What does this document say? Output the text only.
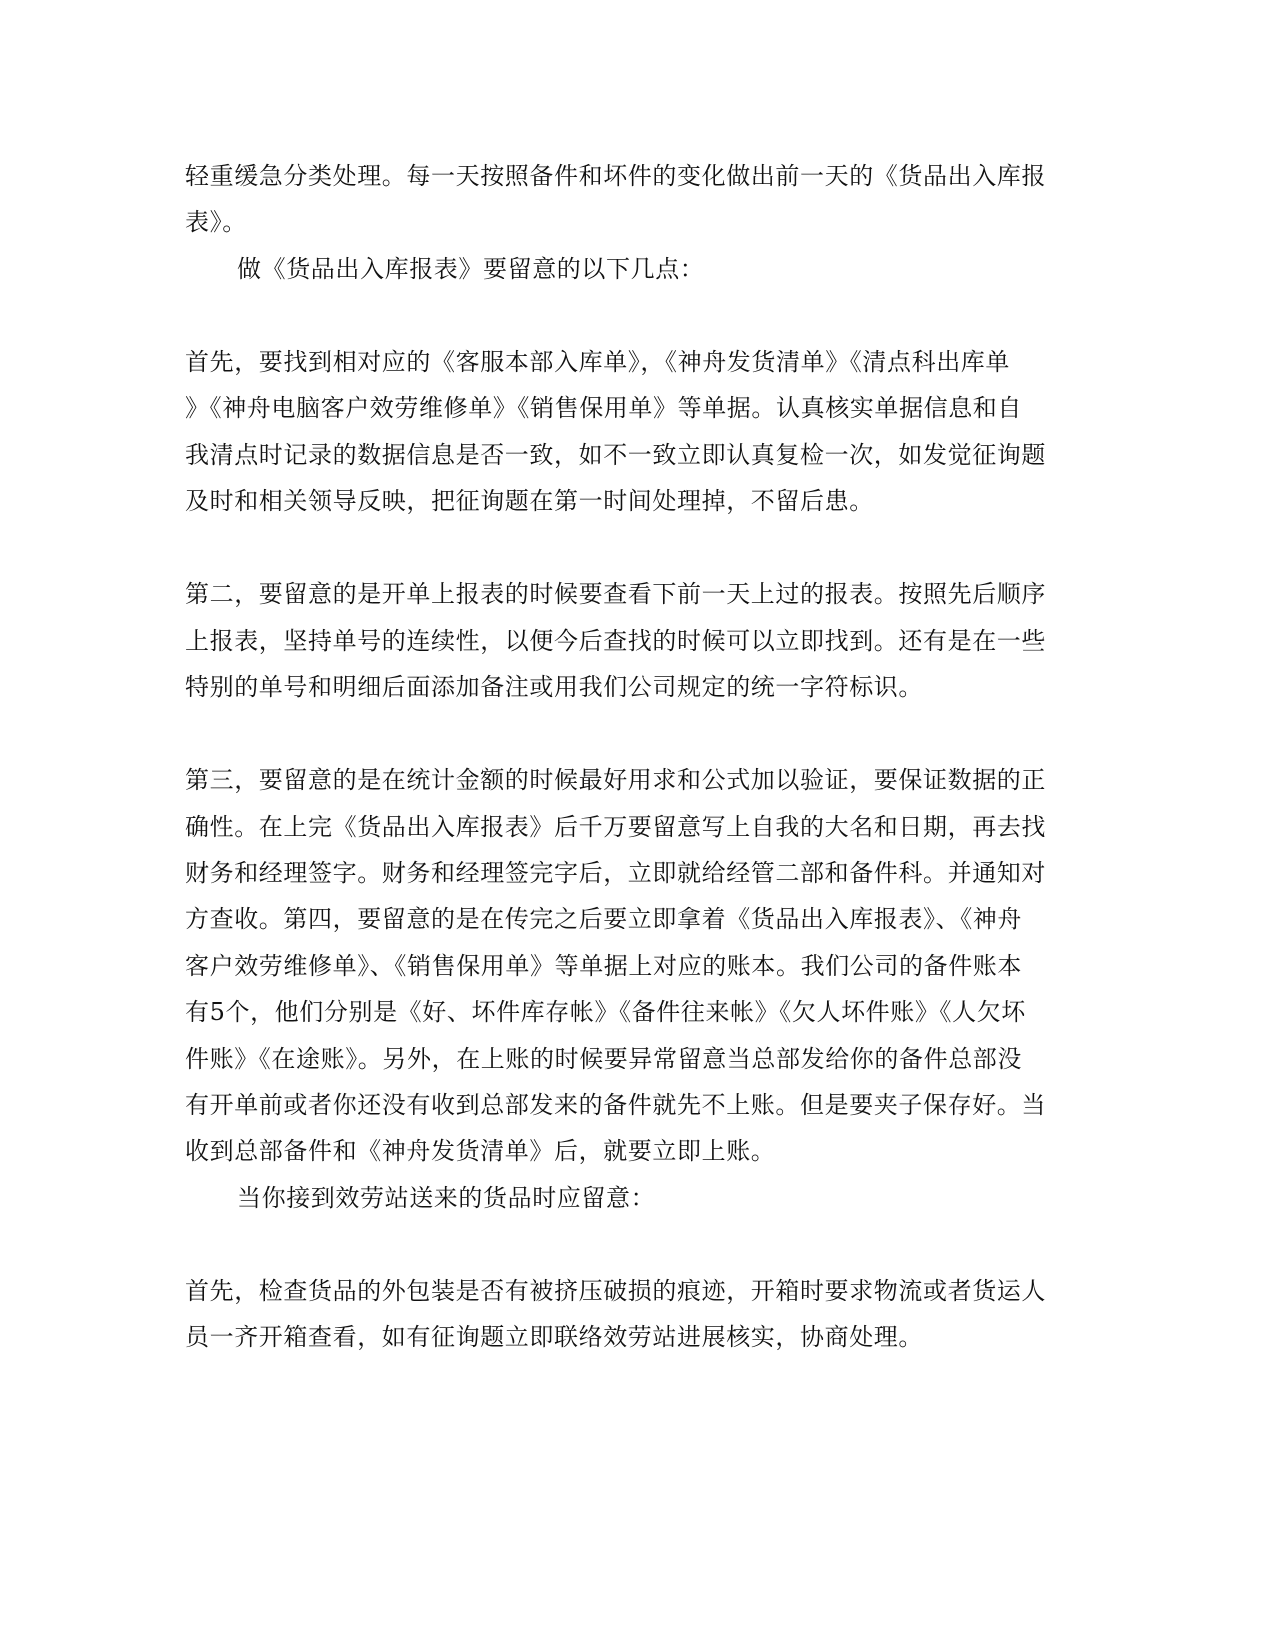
轻重缓急分类处理。每一天按照备件和坏件的变化做出前一天的《货品出入库报
表》。
做《货品出入库报表》要留意的以下几点：
首先，要找到相对应的《客服本部入库单》，《神舟发货清单》《清点科出库单
》《神舟电脑客户效劳维修单》《销售保用单》等单据。认真核实单据信息和自
我清点时记录的数据信息是否一致，如不一致立即认真复检一次，如发觉征询题
及时和相关领导反映，把征询题在第一时间处理掉，不留后患。
第二，要留意的是开单上报表的时候要查看下前一天上过的报表。按照先后顺序
上报表，坚持单号的连续性，以便今后查找的时候可以立即找到。还有是在一些
特别的单号和明细后面添加备注或用我们公司规定的统一字符标识。
第三，要留意的是在统计金额的时候最好用求和公式加以验证，要保证数据的正
确性。在上完《货品出入库报表》后千万要留意写上自我的大名和日期，再去找
财务和经理签字。财务和经理签完字后，立即就给经管二部和备件科。并通知对
方查收。第四，要留意的是在传完之后要立即拿着《货品出入库报表》、《神舟
客户效劳维修单》、《销售保用单》等单据上对应的账本。我们公司的备件账本
有5个，他们分别是《好、坏件库存帐》《备件往来帐》《欠人坏件账》《人欠坏
件账》《在途账》。另外，在上账的时候要异常留意当总部发给你的备件总部没
有开单前或者你还没有收到总部发来的备件就先不上账。但是要夹子保存好。当
收到总部备件和《神舟发货清单》后，就要立即上账。
当你接到效劳站送来的货品时应留意：
首先，检查货品的外包装是否有被挤压破损的痕迹，开箱时要求物流或者货运人
员一齐开箱查看，如有征询题立即联络效劳站进展核实，协商处理。
